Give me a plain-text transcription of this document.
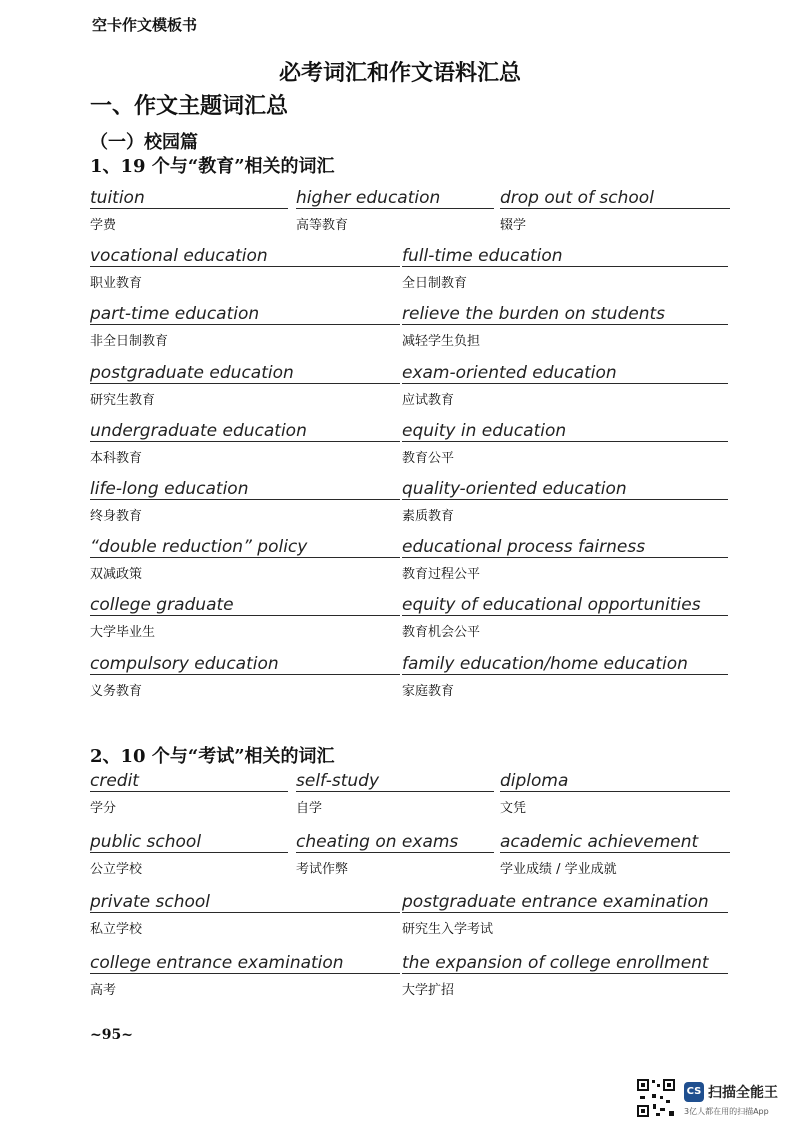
空卡作文模板书
必考词汇和作文语料汇总
一、作文主题词汇总
（一）校园篇
1、19 个与“教育”相关的词汇
tuition
学费
higher education
高等教育
drop out of school
辍学
vocational education
职业教育
full-time education
全日制教育
part-time education
非全日制教育
relieve the burden on students
减轻学生负担
postgraduate education
研究生教育
exam-oriented education
应试教育
undergraduate education
本科教育
equity in education
教育公平
life-long education
终身教育
quality-oriented education
素质教育
“double reduction” policy
双减政策
educational process fairness
教育过程公平
college graduate
大学毕业生
equity of educational opportunities
教育机会公平
compulsory education
义务教育
family education/home education
家庭教育
2、10 个与“考试”相关的词汇
credit
学分
self-study
自学
diploma
文凭
public school
公立学校
cheating on exams
考试作弊
academic achievement
学业成绩 / 学业成就
private school
私立学校
postgraduate entrance examination
研究生入学考试
college entrance examination
高考
the expansion of college enrollment
大学扩招
~95~
CS 扫描全能王
3亿人都在用的扫描App
